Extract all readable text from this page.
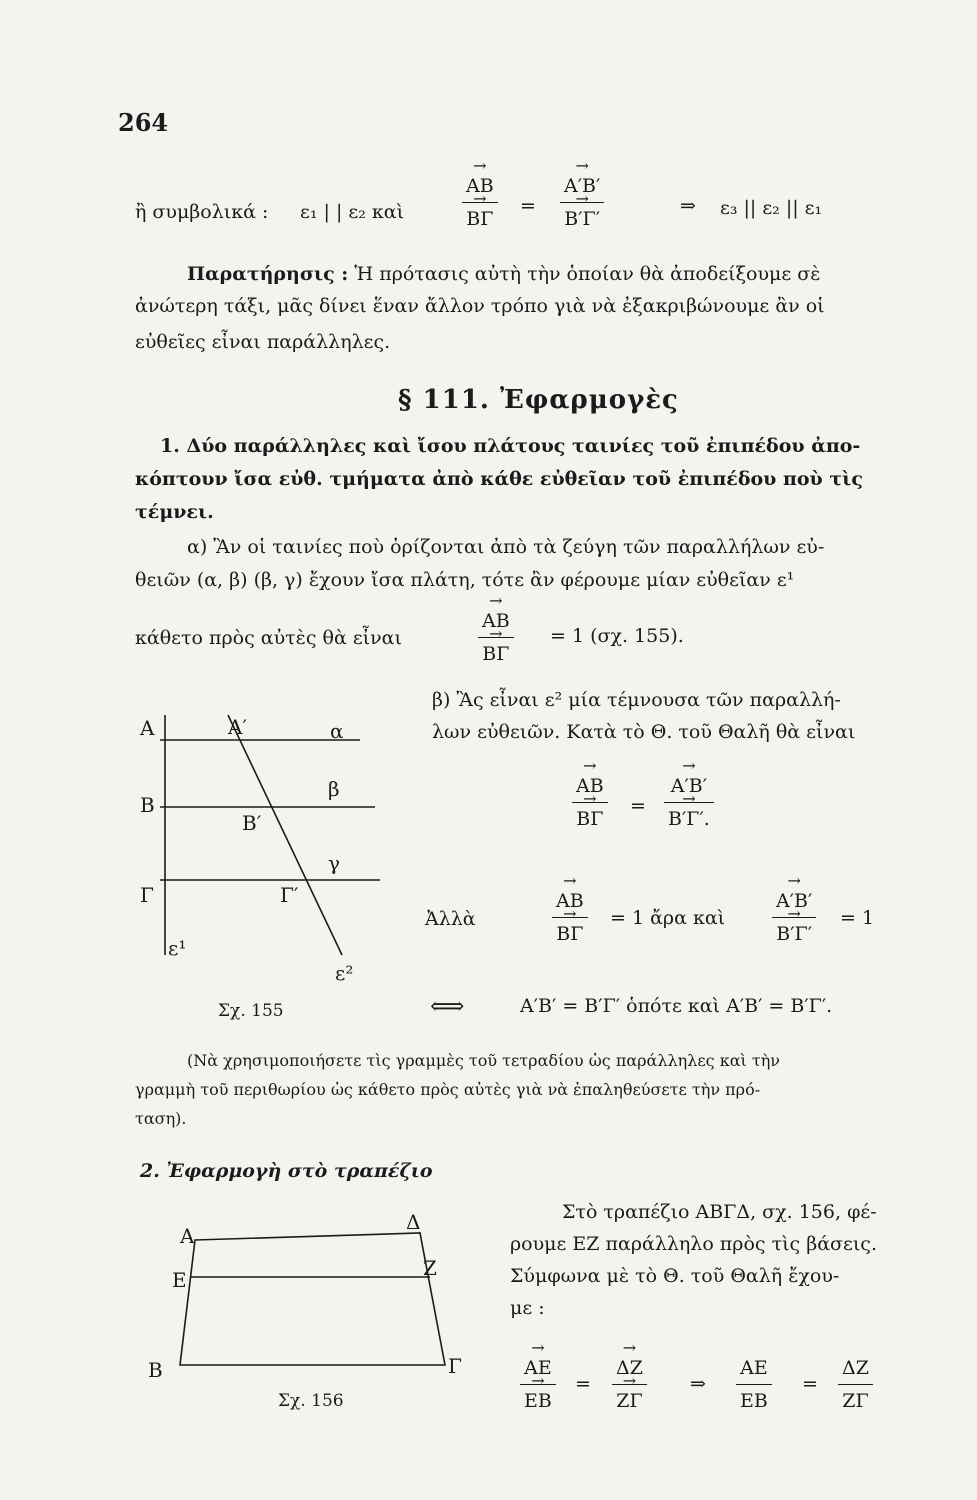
264
ἢ συμβολικά : ε₁ | | ε₂ καὶ	→ AB
→ ΒΓ = → A′B′
→ B′Γ′	⇒ ε₃ || ε₂ || ε₁
Παρατήρησις : Ἡ πρότασις αὐτὴ τὴν ὁποίαν θὰ ἀποδείξουμε σὲ
ἀνώτερη τάξι, μᾶς δίνει ἕναν ἄλλον τρόπο γιὰ νὰ ἐξακριβώνουμε ἂν οἱ
εὐθεῖες εἶναι παράλληλες.
§ 111. Ἐφαρμογὲς
1. Δύο παράλληλες καὶ ἴσου πλάτους ταινίες τοῦ ἐπιπέδου ἀπο-
κόπτουν ἴσα εὐθ. τμήματα ἀπὸ κάθε εὐθεῖαν τοῦ ἐπιπέδου ποὺ τὶς
τέμνει.
α) Ἂν οἱ ταινίες ποὺ ὁρίζονται ἀπὸ τὰ ζεύγη τῶν παραλλήλων εὐ-
θειῶν (α, β) (β, γ) ἔχουν ἴσα πλάτη, τότε ἂν φέρουμε μίαν εὐθεῖαν ε¹
κάθετο πρὸς αὐτὲς θὰ εἶναι	→ AB
→ ΒΓ = 1 (σχ. 155).
A	A′	α
B
B′
β
γ
Γ	Γ′
ε¹
ε²
Σχ. 155
β) Ἂς εἶναι ε² μία τέμνουσα τῶν παραλλή-
λων εὐθειῶν. Κατὰ τὸ Θ. τοῦ Θαλῆ θὰ εἶναι
→ AB
→ ΒΓ = → A′B′
→ B′Γ′.
Ἀλλὰ	→ AB
→ ΒΓ = 1 ἄρα καὶ → A′B′
→ B′Γ′ = 1
⟺	A′B′ = B′Γ′ ὁπότε καὶ A′B′ = B′Γ′.
(Νὰ χρησιμοποιήσετε τὶς γραμμὲς τοῦ τετραδίου ὡς παράλληλες καὶ τὴν
γραμμὴ τοῦ περιθωρίου ὡς κάθετο πρὸς αὐτὲς γιὰ νὰ ἐπαληθεύσετε τὴν πρό-
ταση).
2. Ἐφαρμογὴ στὸ τραπέζιο
Στὸ τραπέζιο ΑΒΓΔ, σχ. 156, φέ-
ρουμε ΕΖ παράλληλο πρὸς τὶς βάσεις.
Σύμφωνα μὲ τὸ Θ. τοῦ Θαλῆ ἔχου-
με :
A
Δ
E	Z
B	Γ
Σχ. 156	→ AE
→ EB = → ΔΖ
→ ΖΓ ⇒ $\frac{AE}{EB} = \frac{\Delta Z}{Z\Gamma}$
